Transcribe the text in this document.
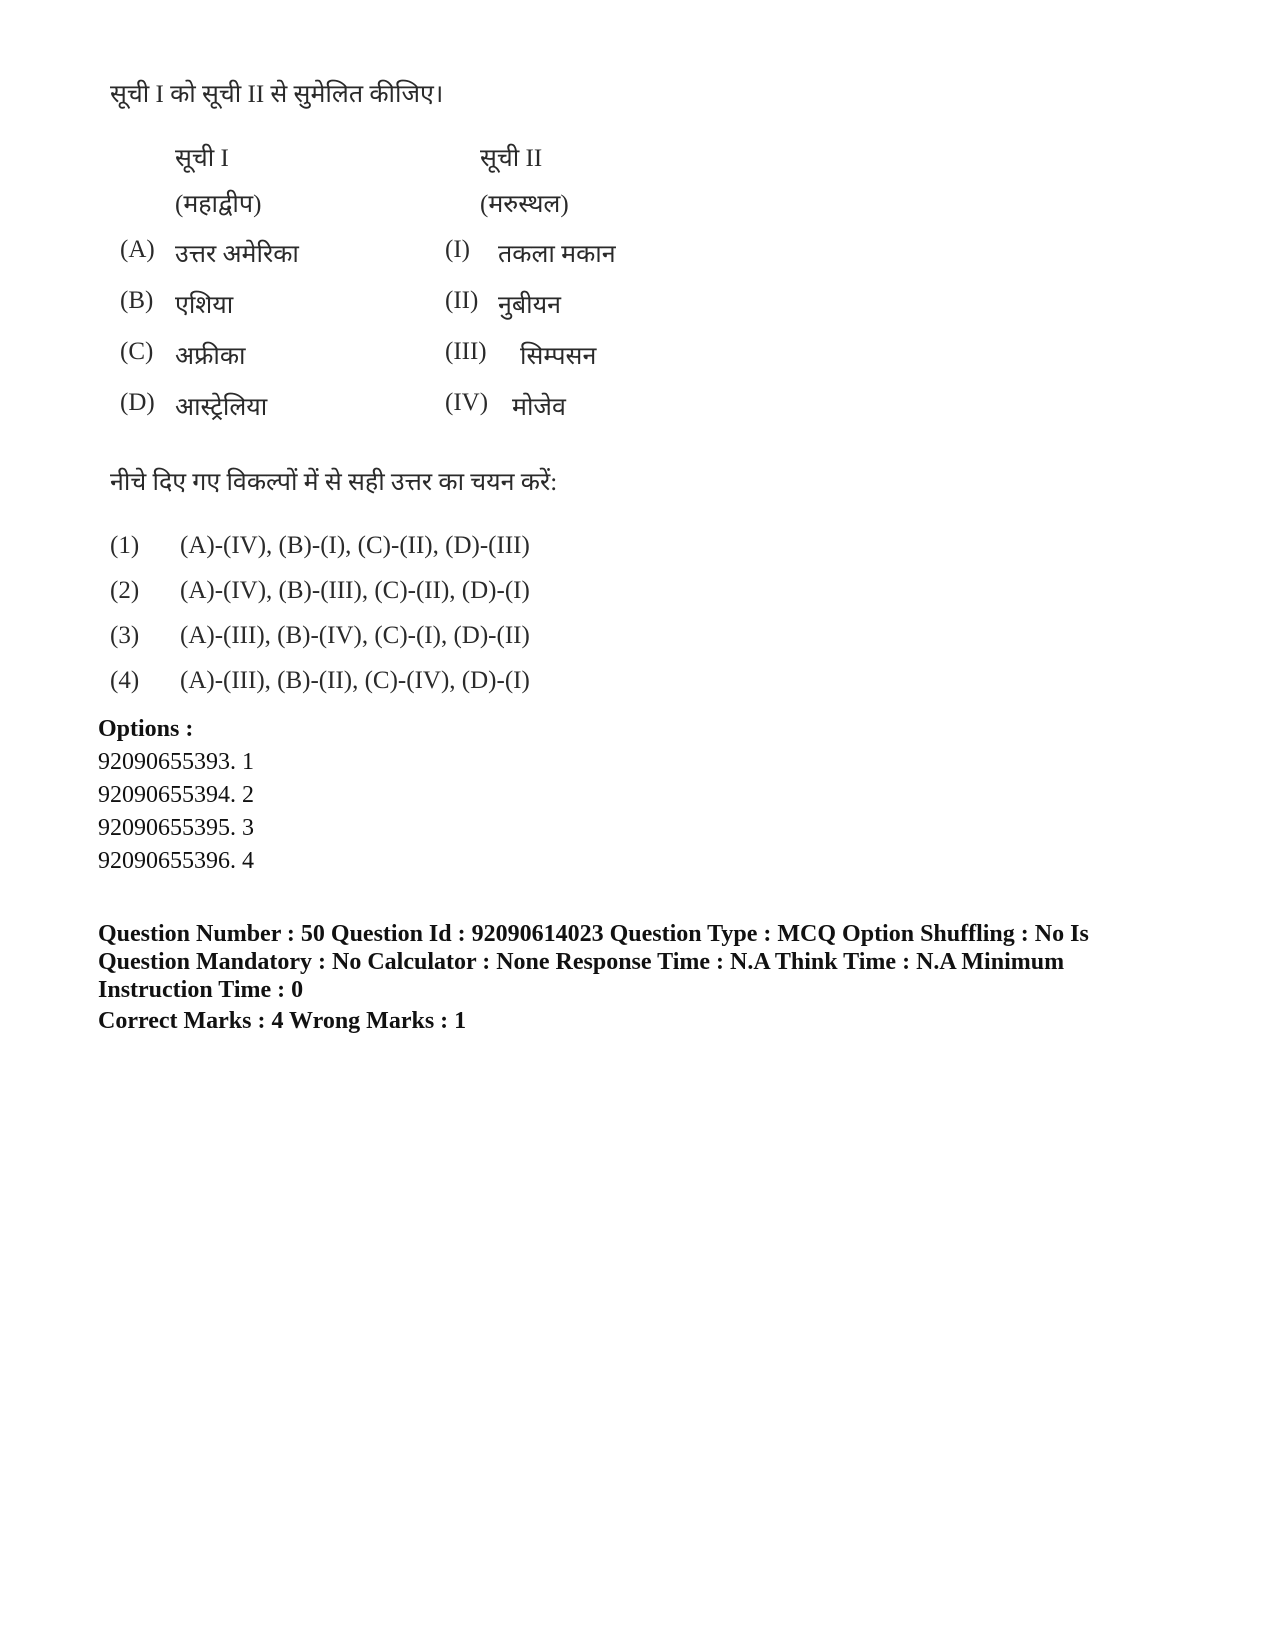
सूची I को सूची II से सुमेलित कीजिए।
सूची I	सूची II
(महाद्वीप)	(मरुस्थल)
(A) उत्तर अमेरिका	(I) तकला मकान
(B) एशिया	(II) नुबीयन
(C) अफ्रीका	(III) सिम्पसन
(D) आस्ट्रेलिया	(IV) मोजेव
नीचे दिए गए विकल्पों में से सही उत्तर का चयन करें:
(1) (A)-(IV), (B)-(I), (C)-(II), (D)-(III)
(2) (A)-(IV), (B)-(III), (C)-(II), (D)-(I)
(3) (A)-(III), (B)-(IV), (C)-(I), (D)-(II)
(4) (A)-(III), (B)-(II), (C)-(IV), (D)-(I)
Options :
92090655393. 1
92090655394. 2
92090655395. 3
92090655396. 4
Question Number : 50 Question Id : 92090614023 Question Type : MCQ Option Shuffling : No Is Question Mandatory : No Calculator : None Response Time : N.A Think Time : N.A Minimum Instruction Time : 0
Correct Marks : 4 Wrong Marks : 1
